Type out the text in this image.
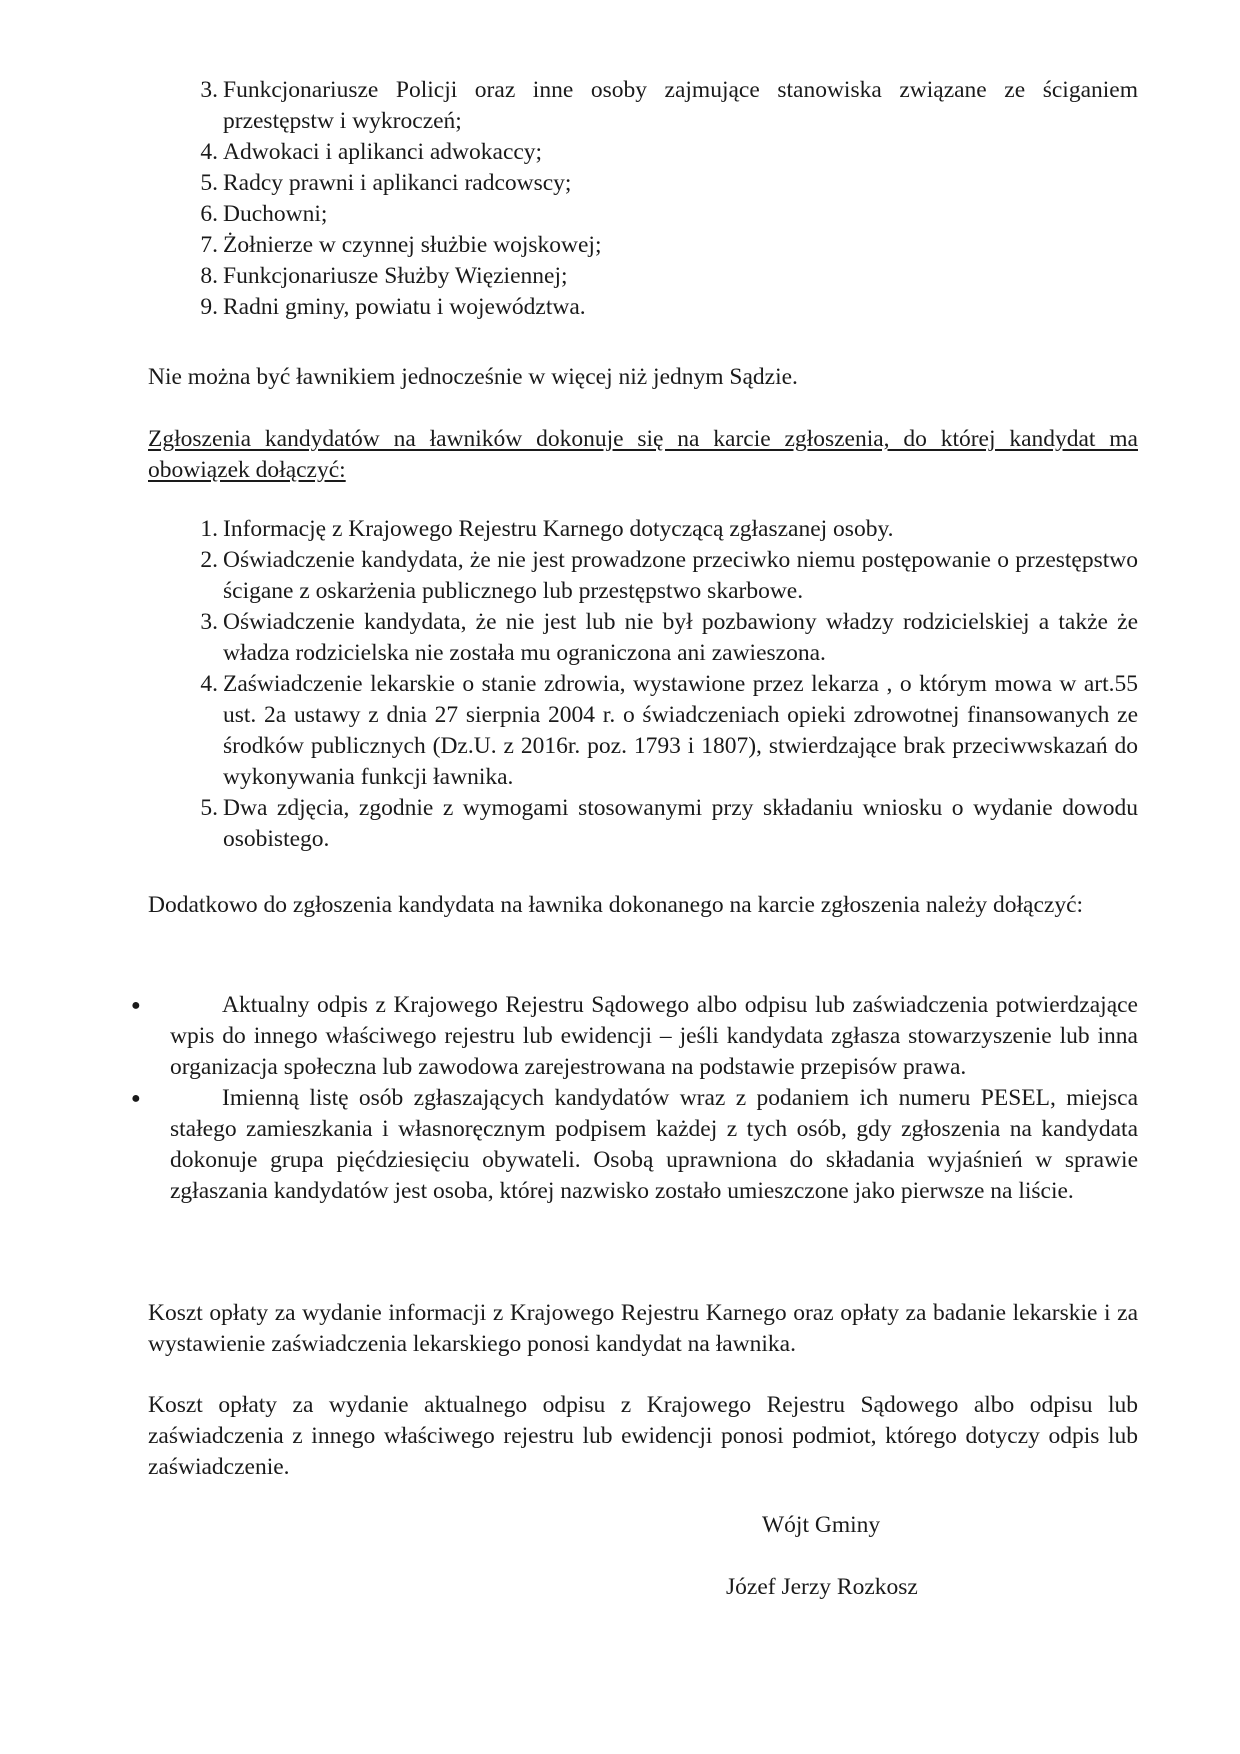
3. Funkcjonariusze Policji oraz inne osoby zajmujące stanowiska związane ze ściganiem przestępstw i wykroczeń;
4. Adwokaci i aplikanci adwokaccy;
5. Radcy prawni i aplikanci radcowscy;
6. Duchowni;
7. Żołnierze w czynnej służbie wojskowej;
8. Funkcjonariusze Służby Więziennej;
9. Radni gminy, powiatu i województwa.

Nie można być ławnikiem jednocześnie w więcej niż jednym Sądzie.

Zgłoszenia kandydatów na ławników dokonuje się na karcie zgłoszenia, do której kandydat ma obowiązek dołączyć:

1. Informację z Krajowego Rejestru Karnego dotyczącą zgłaszanej osoby.
2. Oświadczenie kandydata, że nie jest prowadzone przeciwko niemu postępowanie o przestępstwo ścigane z oskarżenia publicznego lub przestępstwo skarbowe.
3. Oświadczenie kandydata, że nie jest lub nie był pozbawiony władzy rodzicielskiej a także że władza rodzicielska nie została mu ograniczona ani zawieszona.
4. Zaświadczenie lekarskie o stanie zdrowia, wystawione przez lekarza , o którym mowa w art.55 ust. 2a ustawy z dnia 27 sierpnia 2004 r. o świadczeniach opieki zdrowotnej finansowanych ze środków publicznych (Dz.U. z 2016r. poz. 1793 i 1807), stwierdzające brak przeciwwskazań do wykonywania funkcji ławnika.
5. Dwa zdjęcia, zgodnie z wymogami stosowanymi przy składaniu wniosku o wydanie dowodu osobistego.

Dodatkowo do zgłoszenia kandydata na ławnika dokonanego na karcie zgłoszenia należy dołączyć:

●	Aktualny odpis z Krajowego Rejestru Sądowego albo odpisu lub zaświadczenia potwierdzające wpis do innego właściwego rejestru lub ewidencji – jeśli kandydata zgłasza stowarzyszenie lub inna organizacja społeczna lub zawodowa zarejestrowana na podstawie przepisów prawa.
●	Imienną listę osób zgłaszających kandydatów wraz z podaniem ich numeru PESEL, miejsca stałego zamieszkania i własnoręcznym podpisem każdej z tych osób, gdy zgłoszenia na kandydata dokonuje grupa pięćdziesięciu obywateli. Osobą uprawniona do składania wyjaśnień w sprawie zgłaszania kandydatów jest osoba, której nazwisko zostało umieszczone jako pierwsze na liście.

Koszt opłaty za wydanie informacji z Krajowego Rejestru Karnego oraz opłaty za badanie lekarskie i za wystawienie zaświadczenia lekarskiego ponosi kandydat na ławnika.

Koszt opłaty za wydanie aktualnego odpisu z Krajowego Rejestru Sądowego albo odpisu lub zaświadczenia z innego właściwego rejestru lub ewidencji ponosi podmiot, którego dotyczy odpis lub zaświadczenie.

Wójt Gminy

Józef Jerzy Rozkosz
